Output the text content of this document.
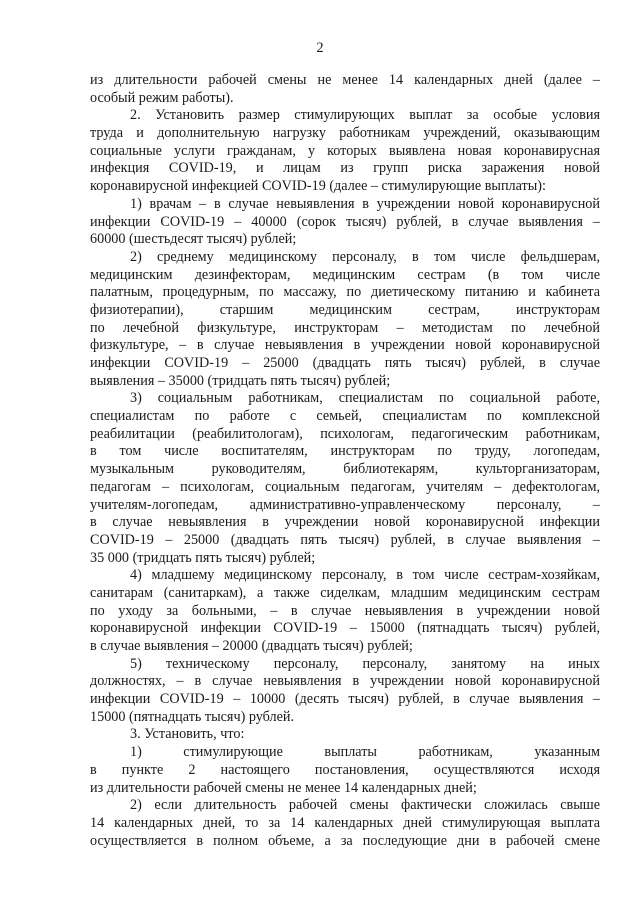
2
из длительности рабочей смены не менее 14 календарных дней (далее –
особый режим работы).
2. Установить размер стимулирующих выплат за особые условия
труда и дополнительную нагрузку работникам учреждений, оказывающим
социальные услуги гражданам, у которых выявлена новая коронавирусная
инфекция COVID-19, и лицам из групп риска заражения новой
коронавирусной инфекцией COVID-19 (далее – стимулирующие выплаты):
1) врачам – в случае невыявления в учреждении новой коронавирусной
инфекции COVID-19 – 40000 (сорок тысяч) рублей, в случае выявления –
60000 (шестьдесят тысяч) рублей;
2) среднему медицинскому персоналу, в том числе фельдшерам,
медицинским дезинфекторам, медицинским сестрам (в том числе
палатным, процедурным, по массажу, по диетическому питанию и кабинета
физиотерапии), старшим медицинским сестрам, инструкторам
по лечебной физкультуре, инструкторам – методистам по лечебной
физкультуре, – в случае невыявления в учреждении новой коронавирусной
инфекции COVID-19 – 25000 (двадцать пять тысяч) рублей, в случае
выявления – 35000 (тридцать пять тысяч) рублей;
3) социальным работникам, специалистам по социальной работе,
специалистам по работе с семьей, специалистам по комплексной
реабилитации (реабилитологам), психологам, педагогическим работникам,
в том числе воспитателям, инструкторам по труду, логопедам,
музыкальным руководителям, библиотекарям, культорганизаторам,
педагогам – психологам, социальным педагогам, учителям – дефектологам,
учителям-логопедам, административно-управленческому персоналу, –
в случае невыявления в учреждении новой коронавирусной инфекции
COVID-19 – 25000 (двадцать пять тысяч) рублей, в случае выявления –
35 000 (тридцать пять тысяч) рублей;
4) младшему медицинскому персоналу, в том числе сестрам-хозяйкам,
санитарам (санитаркам), а также сиделкам, младшим медицинским сестрам
по уходу за больными, – в случае невыявления в учреждении новой
коронавирусной инфекции COVID-19 – 15000 (пятнадцать тысяч) рублей,
в случае выявления – 20000 (двадцать тысяч) рублей;
5) техническому персоналу, персоналу, занятому на иных
должностях, – в случае невыявления в учреждении новой коронавирусной
инфекции COVID-19 – 10000 (десять тысяч) рублей, в случае выявления –
15000 (пятнадцать тысяч) рублей.
3. Установить, что:
1) стимулирующие выплаты работникам, указанным
в пункте 2 настоящего постановления, осуществляются исходя
из длительности рабочей смены не менее 14 календарных дней;
2) если длительность рабочей смены фактически сложилась свыше
14 календарных дней, то за 14 календарных дней стимулирующая выплата
осуществляется в полном объеме, а за последующие дни в рабочей смене
